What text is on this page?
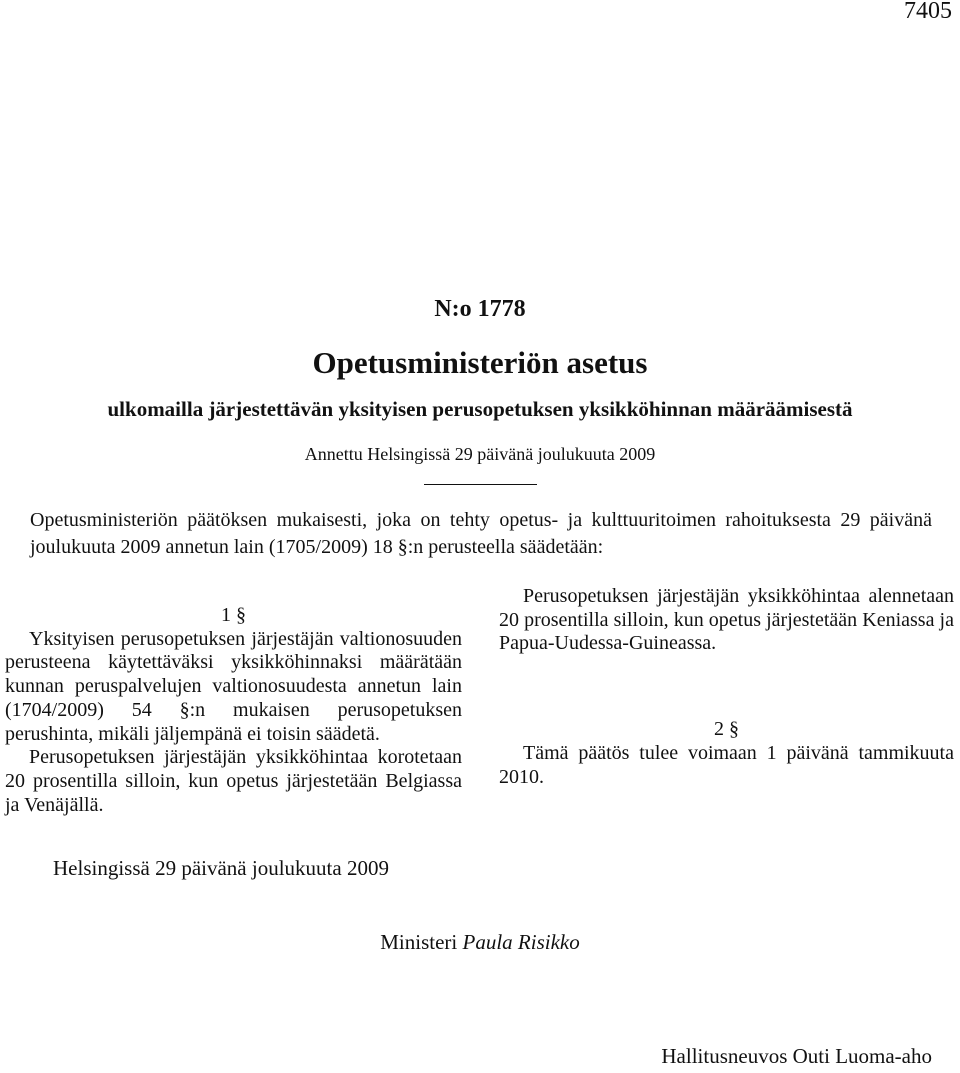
7405
N:o 1778
Opetusministeriön asetus
ulkomailla järjestettävän yksityisen perusopetuksen yksikköhinnan määräämisestä
Annettu Helsingissä 29 päivänä joulukuuta 2009

Opetusministeriön päätöksen mukaisesti, joka on tehty opetus- ja kulttuuritoimen rahoituksesta 29 päivänä joulukuuta 2009 annetun lain (1705/2009) 18 §:n perusteella säädetään:

1 §

Yksityisen perusopetuksen järjestäjän valtionosuuden perusteena käytettäväksi yksikköhinnaksi määrätään kunnan peruspalvelujen valtionosuudesta annetun lain (1704/2009) 54 §:n mukaisen perusopetuksen perushinta, mikäli jäljempänä ei toisin säädetä.

Perusopetuksen järjestäjän yksikköhintaa korotetaan 20 prosentilla silloin, kun opetus järjestetään Belgiassa ja Venäjällä.

Perusopetuksen järjestäjän yksikköhintaa alennetaan 20 prosentilla silloin, kun opetus järjestetään Keniassa ja Papua-Uudessa-Guineassa.

2 §

Tämä päätös tulee voimaan 1 päivänä tammikuuta 2010.

Helsingissä 29 päivänä joulukuuta 2009
Ministeri Paula Risikko
Hallitusneuvos Outi Luoma-aho
